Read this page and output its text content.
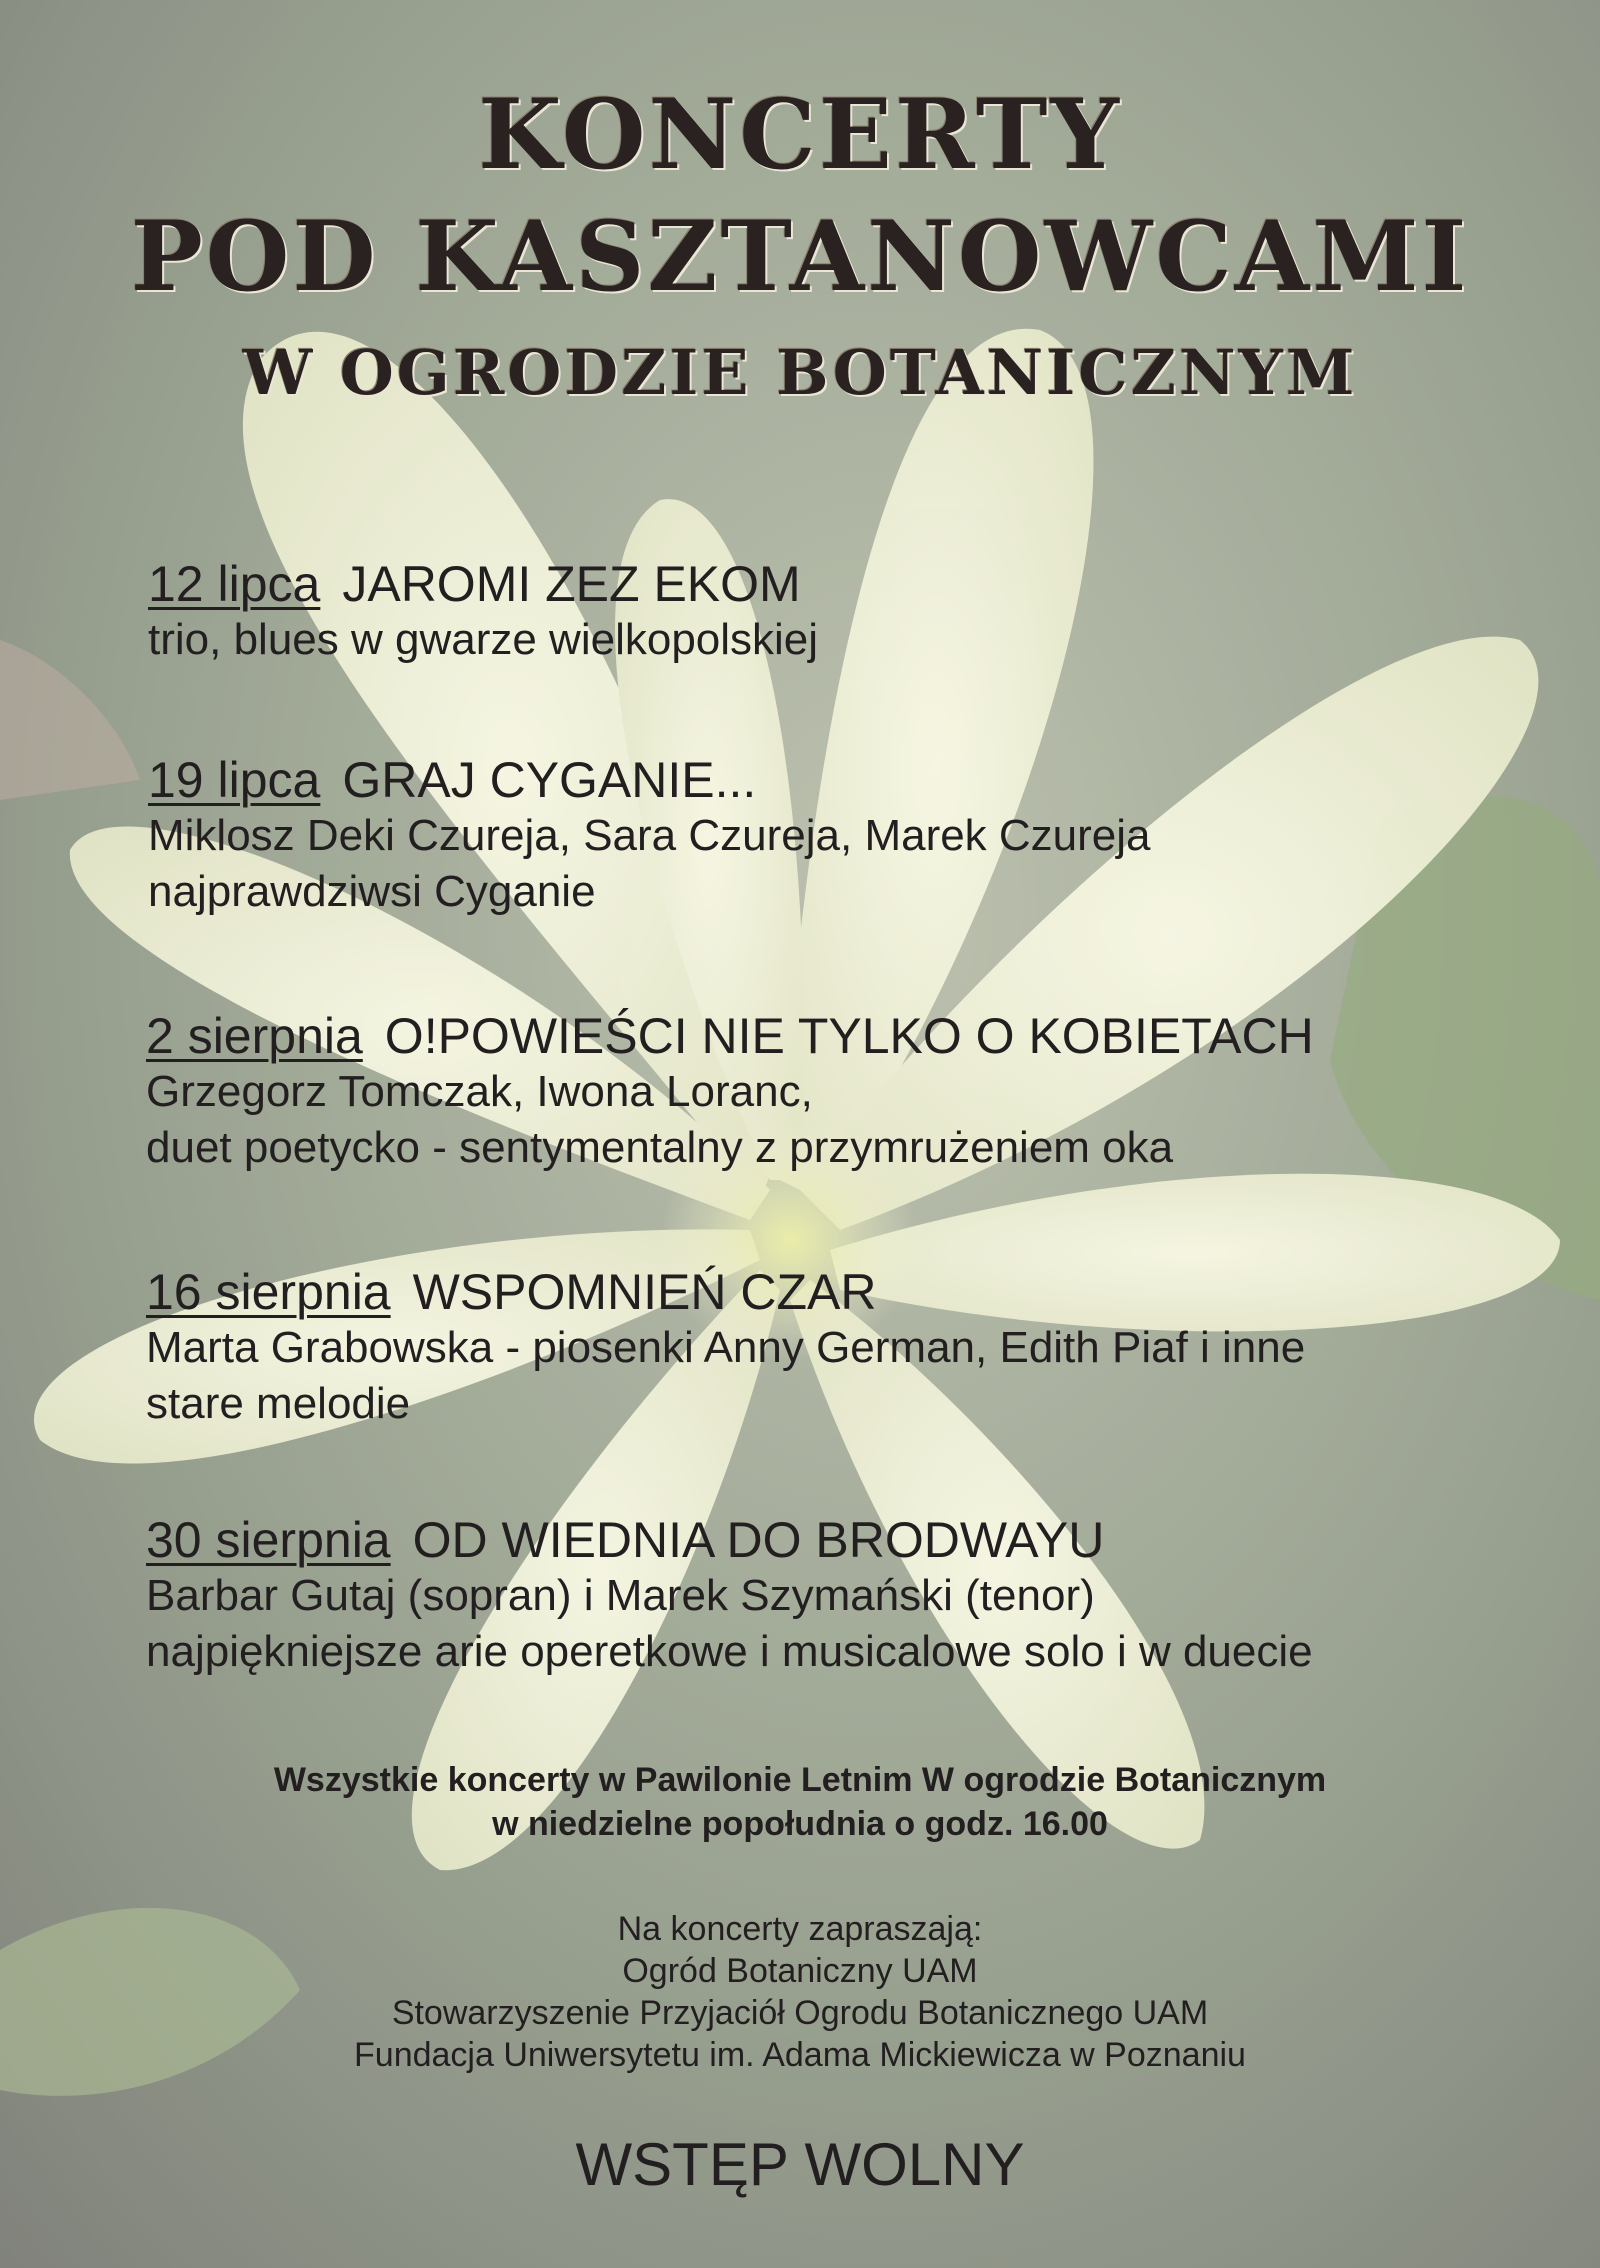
KONCERTY
POD KASZTANOWCAMI
W OGRODZIE BOTANICZNYM
12 lipca JAROMI ZEZ EKOM
trio, blues w gwarze wielkopolskiej
19 lipca GRAJ CYGANIE...
Miklosz Deki Czureja, Sara Czureja, Marek Czureja
najprawdziwsi Cyganie
2 sierpnia O!POWIEŚCI NIE TYLKO O KOBIETACH
Grzegorz Tomczak, Iwona Loranc,
duet poetycko - sentymentalny z przymrużeniem oka
16 sierpnia WSPOMNIEŃ CZAR
Marta Grabowska - piosenki Anny German, Edith Piaf i inne
stare melodie
30 sierpnia OD WIEDNIA DO BRODWAYU
Barbar Gutaj (sopran) i Marek Szymański (tenor)
najpiękniejsze arie operetkowe i musicalowe solo i w duecie
Wszystkie koncerty w Pawilonie Letnim W ogrodzie Botanicznym
w niedzielne popołudnia o godz. 16.00
Na koncerty zapraszają:
Ogród Botaniczny UAM
Stowarzyszenie Przyjaciół Ogrodu Botanicznego UAM
Fundacja Uniwersytetu im. Adama Mickiewicza w Poznaniu
WSTĘP WOLNY
